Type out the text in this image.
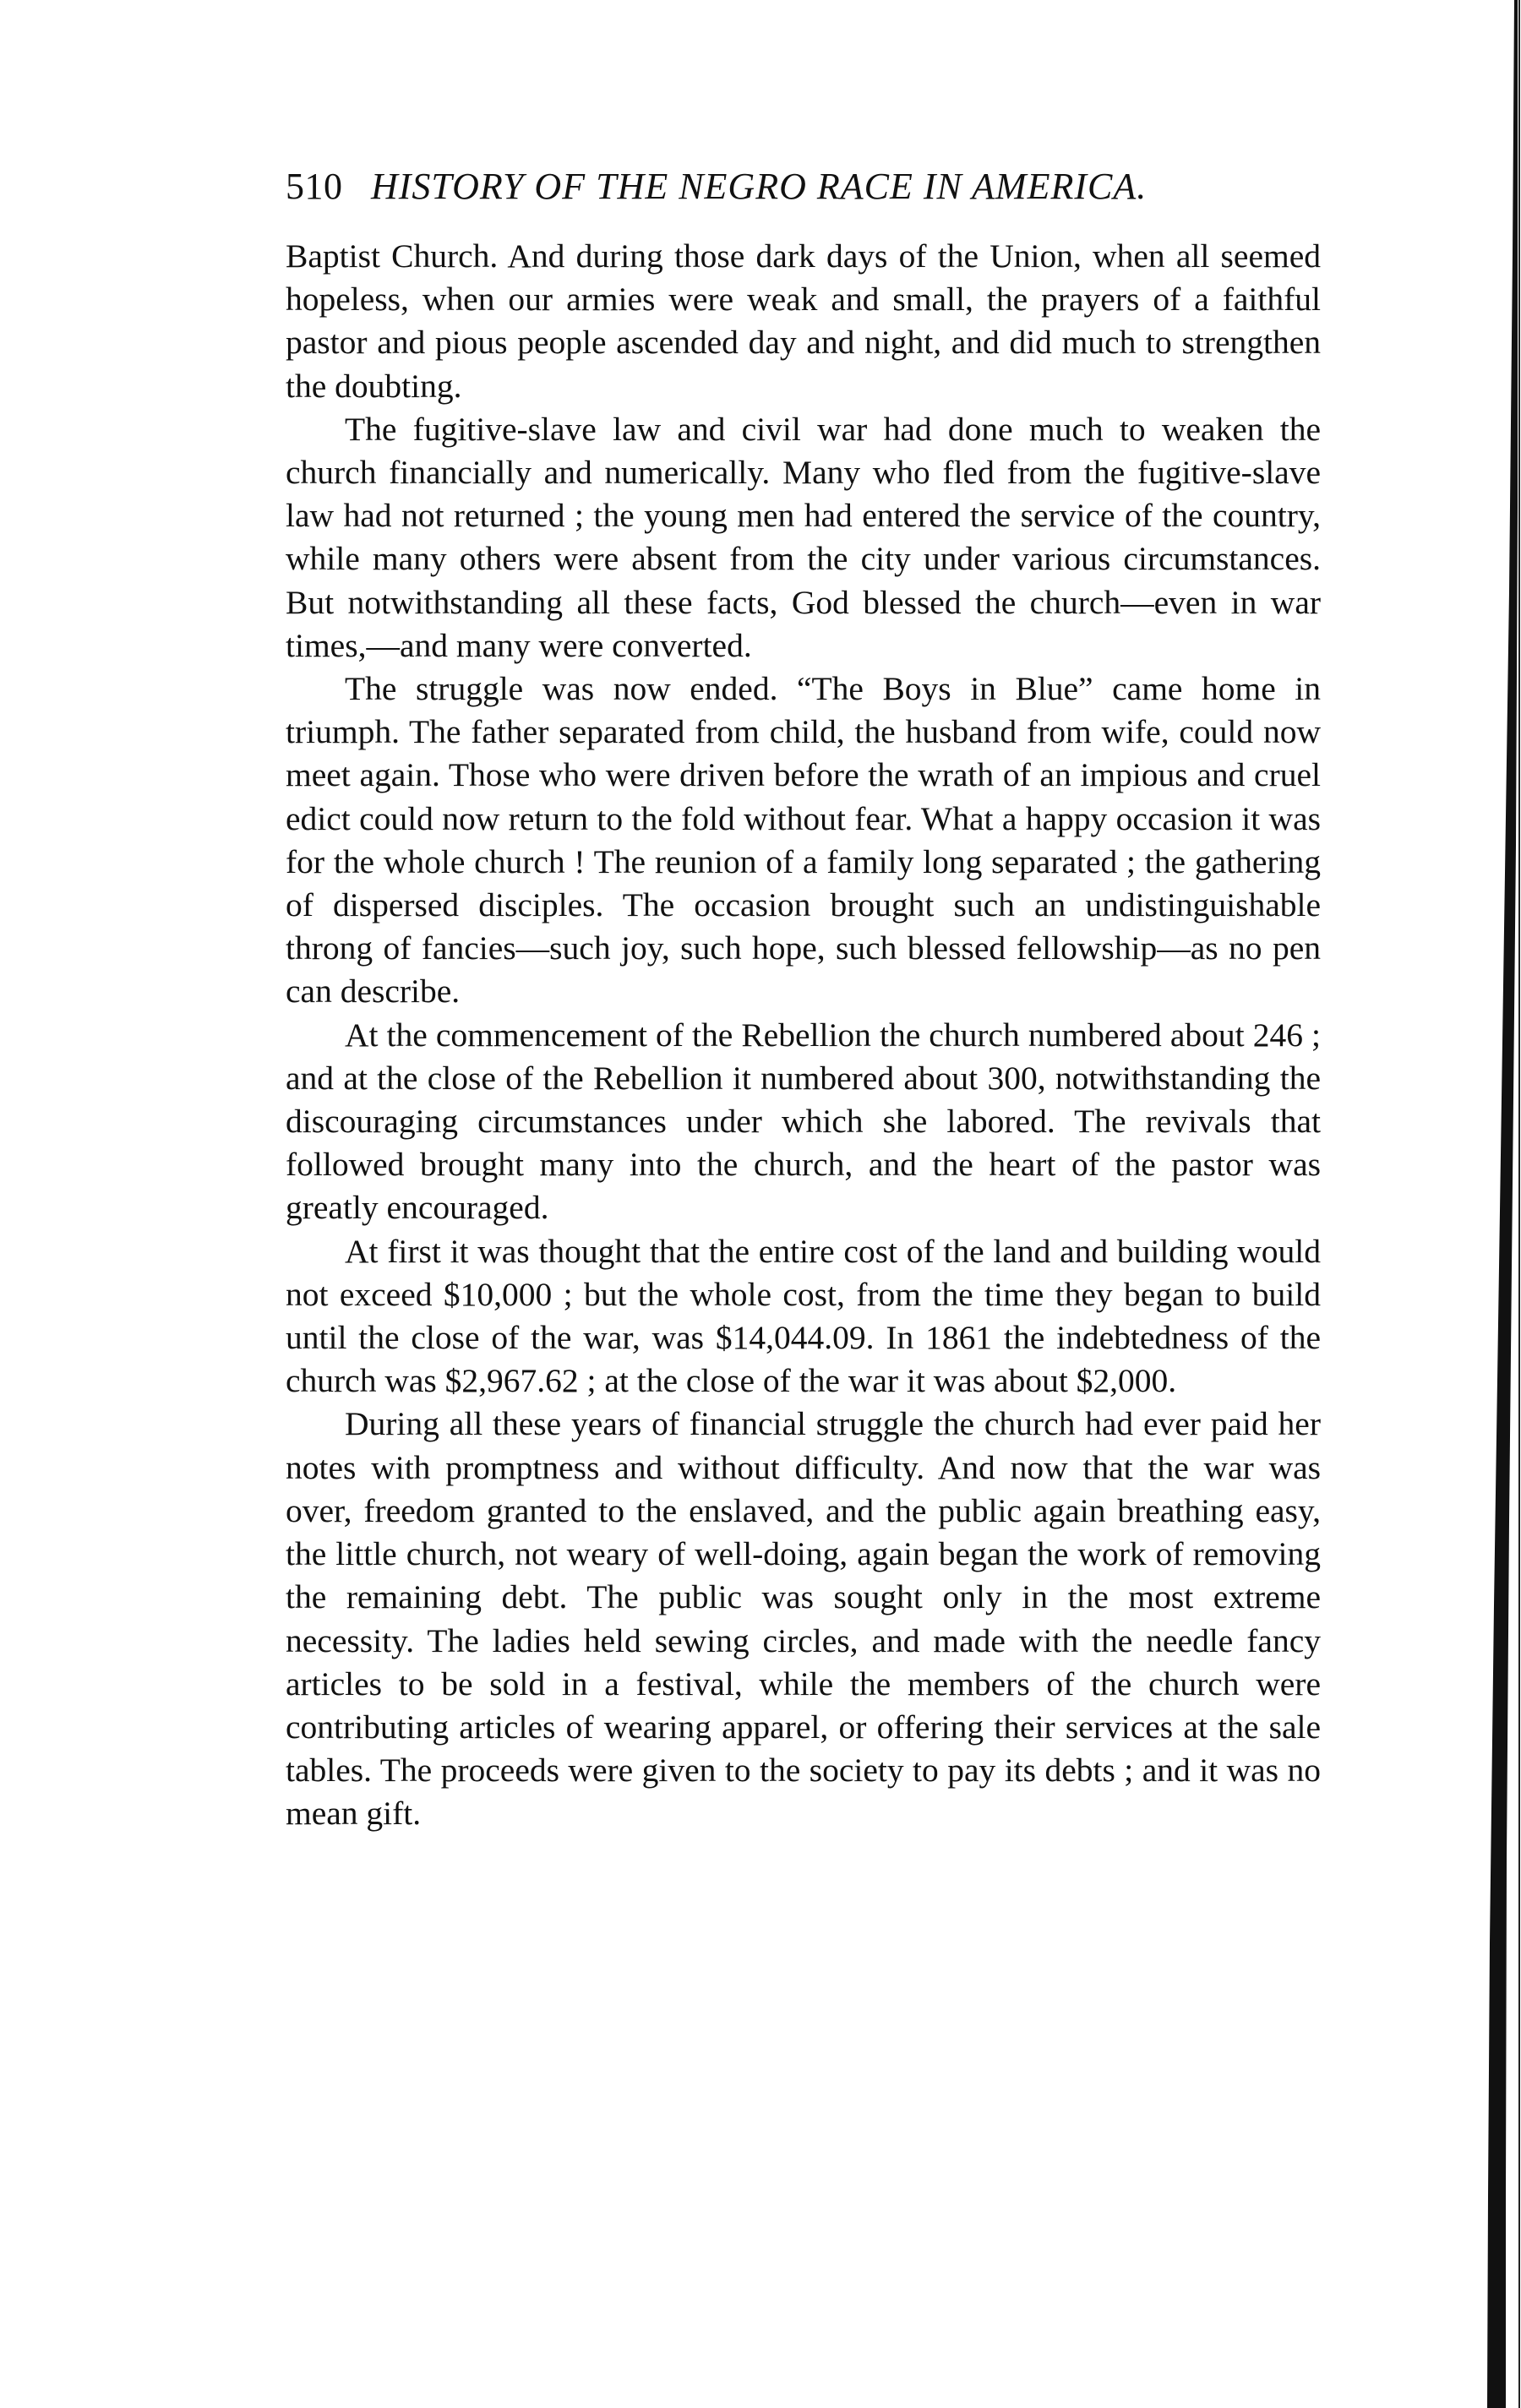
510 HISTORY OF THE NEGRO RACE IN AMERICA.

Baptist Church. And during those dark days of the Union, when all seemed hopeless, when our armies were weak and small, the prayers of a faithful pastor and pious people ascended day and night, and did much to strengthen the doubting.

The fugitive-slave law and civil war had done much to weaken the church financially and numerically. Many who fled from the fugitive-slave law had not returned ; the young men had entered the service of the country, while many others were absent from the city under various circumstances. But notwithstanding all these facts, God blessed the church—even in war times,—and many were converted.

The struggle was now ended. “The Boys in Blue” came home in triumph. The father separated from child, the husband from wife, could now meet again. Those who were driven before the wrath of an impious and cruel edict could now return to the fold without fear. What a happy occasion it was for the whole church ! The reunion of a family long separated ; the gathering of dispersed disciples. The occasion brought such an undistinguishable throng of fancies—such joy, such hope, such blessed fellowship—as no pen can describe.

At the commencement of the Rebellion the church numbered about 246 ; and at the close of the Rebellion it numbered about 300, notwithstanding the discouraging circumstances under which she labored. The revivals that followed brought many into the church, and the heart of the pastor was greatly encouraged.

At first it was thought that the entire cost of the land and building would not exceed $10,000 ; but the whole cost, from the time they began to build until the close of the war, was $14,044.09. In 1861 the indebtedness of the church was $2,967.62 ; at the close of the war it was about $2,000.

During all these years of financial struggle the church had ever paid her notes with promptness and without difficulty. And now that the war was over, freedom granted to the enslaved, and the public again breathing easy, the little church, not weary of well-doing, again began the work of removing the remaining debt. The public was sought only in the most extreme necessity. The ladies held sewing circles, and made with the needle fancy articles to be sold in a festival, while the members of the church were contributing articles of wearing apparel, or offering their services at the sale tables. The proceeds were given to the society to pay its debts ; and it was no mean gift.
